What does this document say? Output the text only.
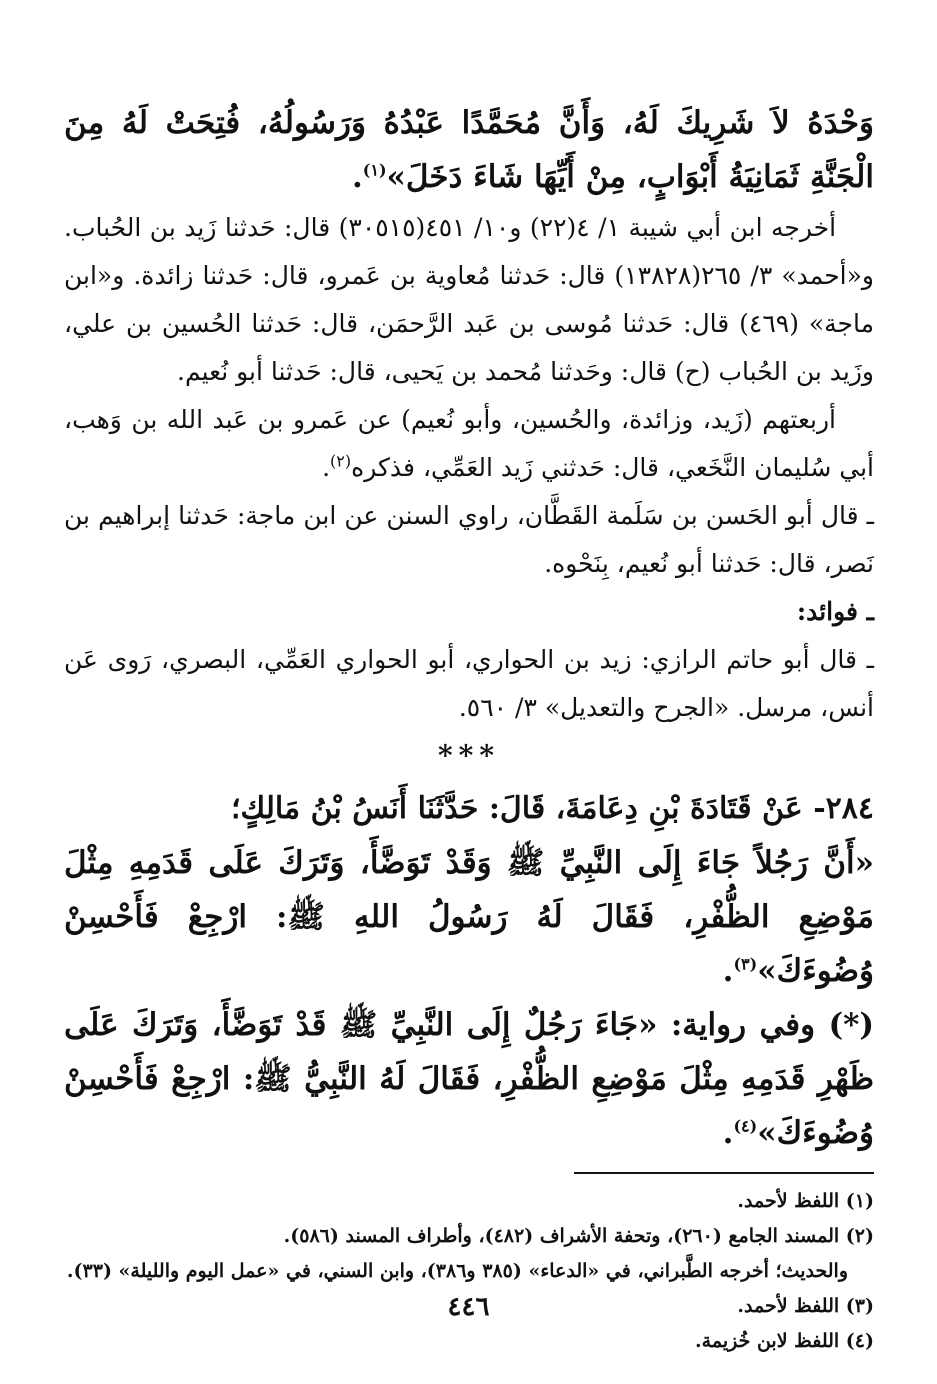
وَحْدَهُ لاَ شَرِيكَ لَهُ، وَأَنَّ مُحَمَّدًا عَبْدُهُ وَرَسُولُهُ، فُتِحَتْ لَهُ مِنَ الْجَنَّةِ ثَمَانِيَةُ أَبْوَابٍ، مِنْ أَيِّهَا شَاءَ دَخَلَ»$^{(١)}$.

أخرجه ابن أبي شيبة ١/ ٤(٢٢) و١٠/ ٤٥١(٣٠٥١٥) قال: حَدثنا زَيد بن الحُباب. و«أحمد» ٣/ ٢٦٥(١٣٨٢٨) قال: حَدثنا مُعاوية بن عَمرو، قال: حَدثنا زائدة. و«ابن ماجة» (٤٦٩) قال: حَدثنا مُوسى بن عَبد الرَّحمَن، قال: حَدثنا الحُسين بن علي، وزَيد بن الحُباب (ح) قال: وحَدثنا مُحمد بن يَحيى، قال: حَدثنا أبو نُعيم.

أربعتهم (زَيد، وزائدة، والحُسين، وأبو نُعيم) عن عَمرو بن عَبد الله بن وَهب، أبي سُليمان النَّخَعي، قال: حَدثني زَيد العَمِّي، فذكره$^{(٢)}$.

ـ قال أبو الحَسن بن سَلَمة القَطَّان، راوي السنن عن ابن ماجة: حَدثنا إبراهيم بن نَصر، قال: حَدثنا أبو نُعيم، بِنَحْوه.

ـ فوائد:

ـ قال أبو حاتم الرازي: زيد بن الحواري، أبو الحواري العَمِّي، البصري، رَوى عَن أنس، مرسل. «الجرح والتعديل» ٣/ ٥٦٠.

***

٢٨٤- عَنْ قَتَادَةَ بْنِ دِعَامَةَ، قَالَ: حَدَّثَنَا أَنَسُ بْنُ مَالِكٍ؛

«أَنَّ رَجُلاً جَاءَ إِلَى النَّبِيِّ ﷺ وَقَدْ تَوَضَّأَ، وَتَرَكَ عَلَى قَدَمِهِ مِثْلَ مَوْضِعِ الظُّفْرِ، فَقَالَ لَهُ رَسُولُ اللهِ ﷺ: ارْجِعْ فَأَحْسِنْ وُضُوءَكَ»$^{(٣)}$.

(*) وفي رواية: «جَاءَ رَجُلٌ إِلَى النَّبِيِّ ﷺ قَدْ تَوَضَّأَ، وَتَرَكَ عَلَى ظَهْرِ قَدَمِهِ مِثْلَ مَوْضِعِ الظُّفْرِ، فَقَالَ لَهُ النَّبِيُّ ﷺ: ارْجِعْ فَأَحْسِنْ وُضُوءَكَ»$^{(٤)}$.

(١) اللفظ لأحمد.

(٢) المسند الجامع (٢٦٠)، وتحفة الأشراف (٤٨٢)، وأطراف المسند (٥٨٦).

والحديث؛ أخرجه الطَّبراني، في «الدعاء» (٣٨٥ و٣٨٦)، وابن السني، في «عمل اليوم والليلة» (٣٣).

(٣) اللفظ لأحمد.

(٤) اللفظ لابن خُزيمة.

٤٤٦
